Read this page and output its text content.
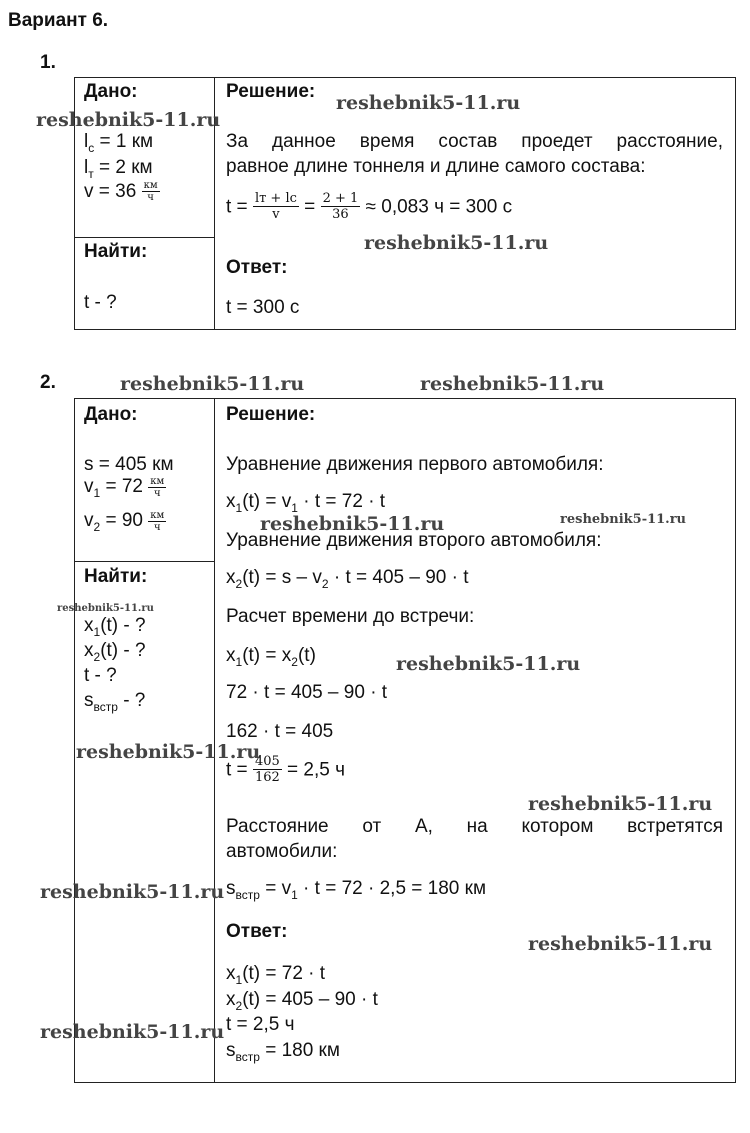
Вариант 6.
1.
Дано:
$l_c = 1$ км
$l_т = 2$ км
$v = 36 \frac{км}{ч}$
Найти:
t - ?
Решение:
За данное время состав проедет расстояние,
равное длине тоннеля и длине самого состава:
$t = \frac{lт + lc}{v} = \frac{2 + 1}{36} \approx 0,083$ ч = 300 с
Ответ:
t = 300 с
2.
Дано:
s = 405 км
$v_1 = 72 \frac{км}{ч}$
$v_2 = 90 \frac{км}{ч}$
Найти:
$x_1(t)$ - ?
$x_2(t)$ - ?
t - ?
$s_{встр}$ - ?
Решение:
Уравнение движения первого автомобиля:
$x_1(t) = v_1 \cdot t = 72 \cdot t$
Уравнение движения второго автомобиля:
$x_2(t) = s - v_2 \cdot t = 405 - 90 \cdot t$
Расчет времени до встречи:
$x_1(t) = x_2(t)$
72 · t = 405 – 90 · t
162 · t = 405
$t = \frac{405}{162} = 2,5$ ч
Расстояние от А, на котором встретятся
автомобили:
$s_{встр} = v_1 \cdot t = 72 \cdot 2,5 = 180$ км
Ответ:
$x_1(t) = 72 \cdot t$
$x_2(t) = 405 - 90 \cdot t$
t = 2,5 ч
$s_{встр} = 180$ км
reshebnik5-11.ru
reshebnik5-11.ru
reshebnik5-11.ru
reshebnik5-11.ru	reshebnik5-11.ru
reshebnik5-11.ru	reshebnik5-11.ru
reshebnik5-11.ru
reshebnik5-11.ru
reshebnik5-11.ru
reshebnik5-11.ru
reshebnik5-11.ru
reshebnik5-11.ru
reshebnik5-11.ru
